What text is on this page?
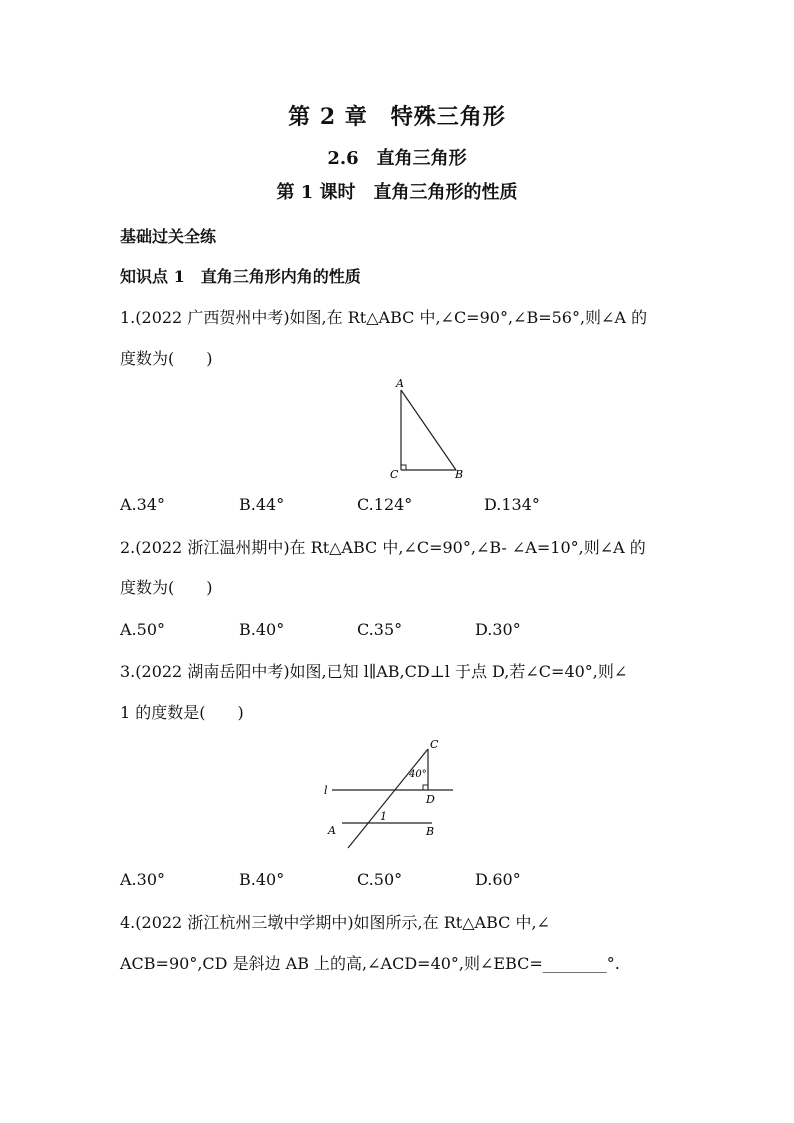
第 2 章　特殊三角形
2.6　直角三角形
第 1 课时　直角三角形的性质
基础过关全练
知识点 1　直角三角形内角的性质
1.(2022 广西贺州中考)如图,在 Rt△ABC 中,∠C=90°,∠B=56°,则∠A 的
度数为(　　)
A
C	B
A.34°	B.44°	C.124°	D.134°
2.(2022 浙江温州期中)在 Rt△ABC 中,∠C=90°,∠B- ∠A=10°,则∠A 的
度数为(　　)
A.50°	B.40°	C.35°	D.30°
3.(2022 湖南岳阳中考)如图,已知 l∥AB,CD⊥l 于点 D,若∠C=40°,则∠
1 的度数是(　　)
C
40°
D
l
A
1
B
A.30°	B.40°	C.50°	D.60°
4.(2022 浙江杭州三墩中学期中)如图所示,在 Rt△ABC 中,∠
ACB=90°,CD 是斜边 AB 上的高,∠ACD=40°,则∠EBC=________°.
